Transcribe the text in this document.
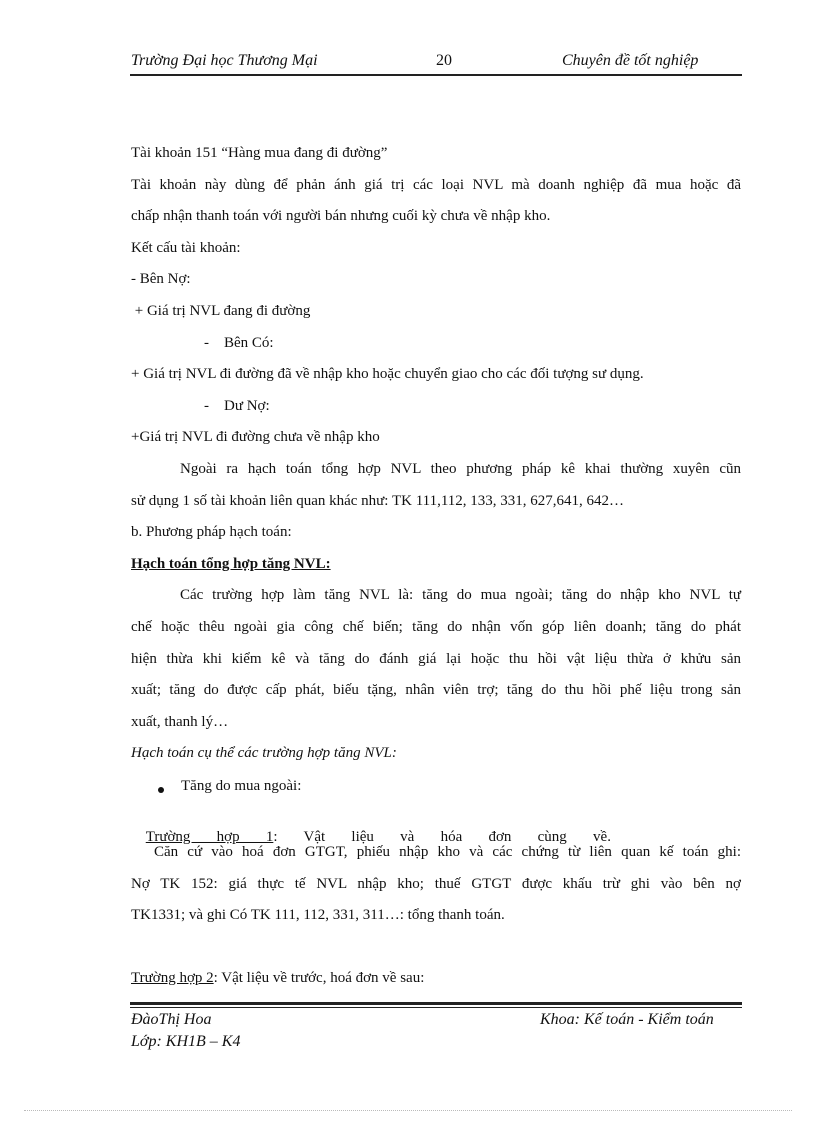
Trường Đại học Thương Mại	20	Chuyên đề tốt nghiệp
Tài khoản 151 “Hàng mua đang đi đường”
Tài khoản này dùng để phản ánh giá trị các loại NVL mà doanh nghiệp đã mua hoặc đã
chấp nhận thanh toán với người bán nhưng cuối kỳ chưa về nhập kho.
Kết cấu tài khoản:
- Bên Nợ:
+ Giá trị NVL đang đi đường
-    Bên Có:
+ Giá trị NVL đi đường đã về nhập kho hoặc chuyển giao cho các đối tượng sư dụng.
-    Dư Nợ:
+Giá trị NVL đi đường chưa về nhập kho
Ngoài ra hạch toán tổng hợp NVL theo phương pháp kê khai thường xuyên cũn
sử dụng 1 số tài khoản liên quan khác như: TK 111,112, 133, 331, 627,641, 642…
b. Phương pháp hạch toán:
Hạch toán tổng hợp tăng NVL:
Các trường hợp làm tăng NVL là: tăng do mua ngoài; tăng do nhập kho NVL tự
chế hoặc thêu ngoài gia công chế biến; tăng do nhận vốn góp liên doanh; tăng do phát
hiện thừa khi kiểm kê và tăng do đánh giá lại hoặc thu hồi vật liệu thừa ở khửu sản
xuất; tăng do được cấp phát, biếu tặng, nhân viên trợ; tăng do thu hồi phế liệu trong sản
xuất, thanh lý…
Hạch toán cụ thể các trường hợp tăng NVL:
Tăng do mua ngoài:

Trường       hợp       1:       Vật       liệu       và       hóa       đơn       cùng       về.

Căn cứ vào hoá đơn GTGT, phiếu nhập kho và các chứng từ liên quan kế toán ghi:
Nợ TK 152: giá thực tế NVL nhập kho; thuế GTGT được khấu trừ ghi vào bên nợ
TK1331; và ghi Có TK 111, 112, 331, 311…: tổng thanh toán.
Trường hợp 2: Vật liệu về trước, hoá đơn về sau:
ĐàoThị Hoa	Khoa: Kế toán - Kiểm toán
Lớp: KH1B – K4
